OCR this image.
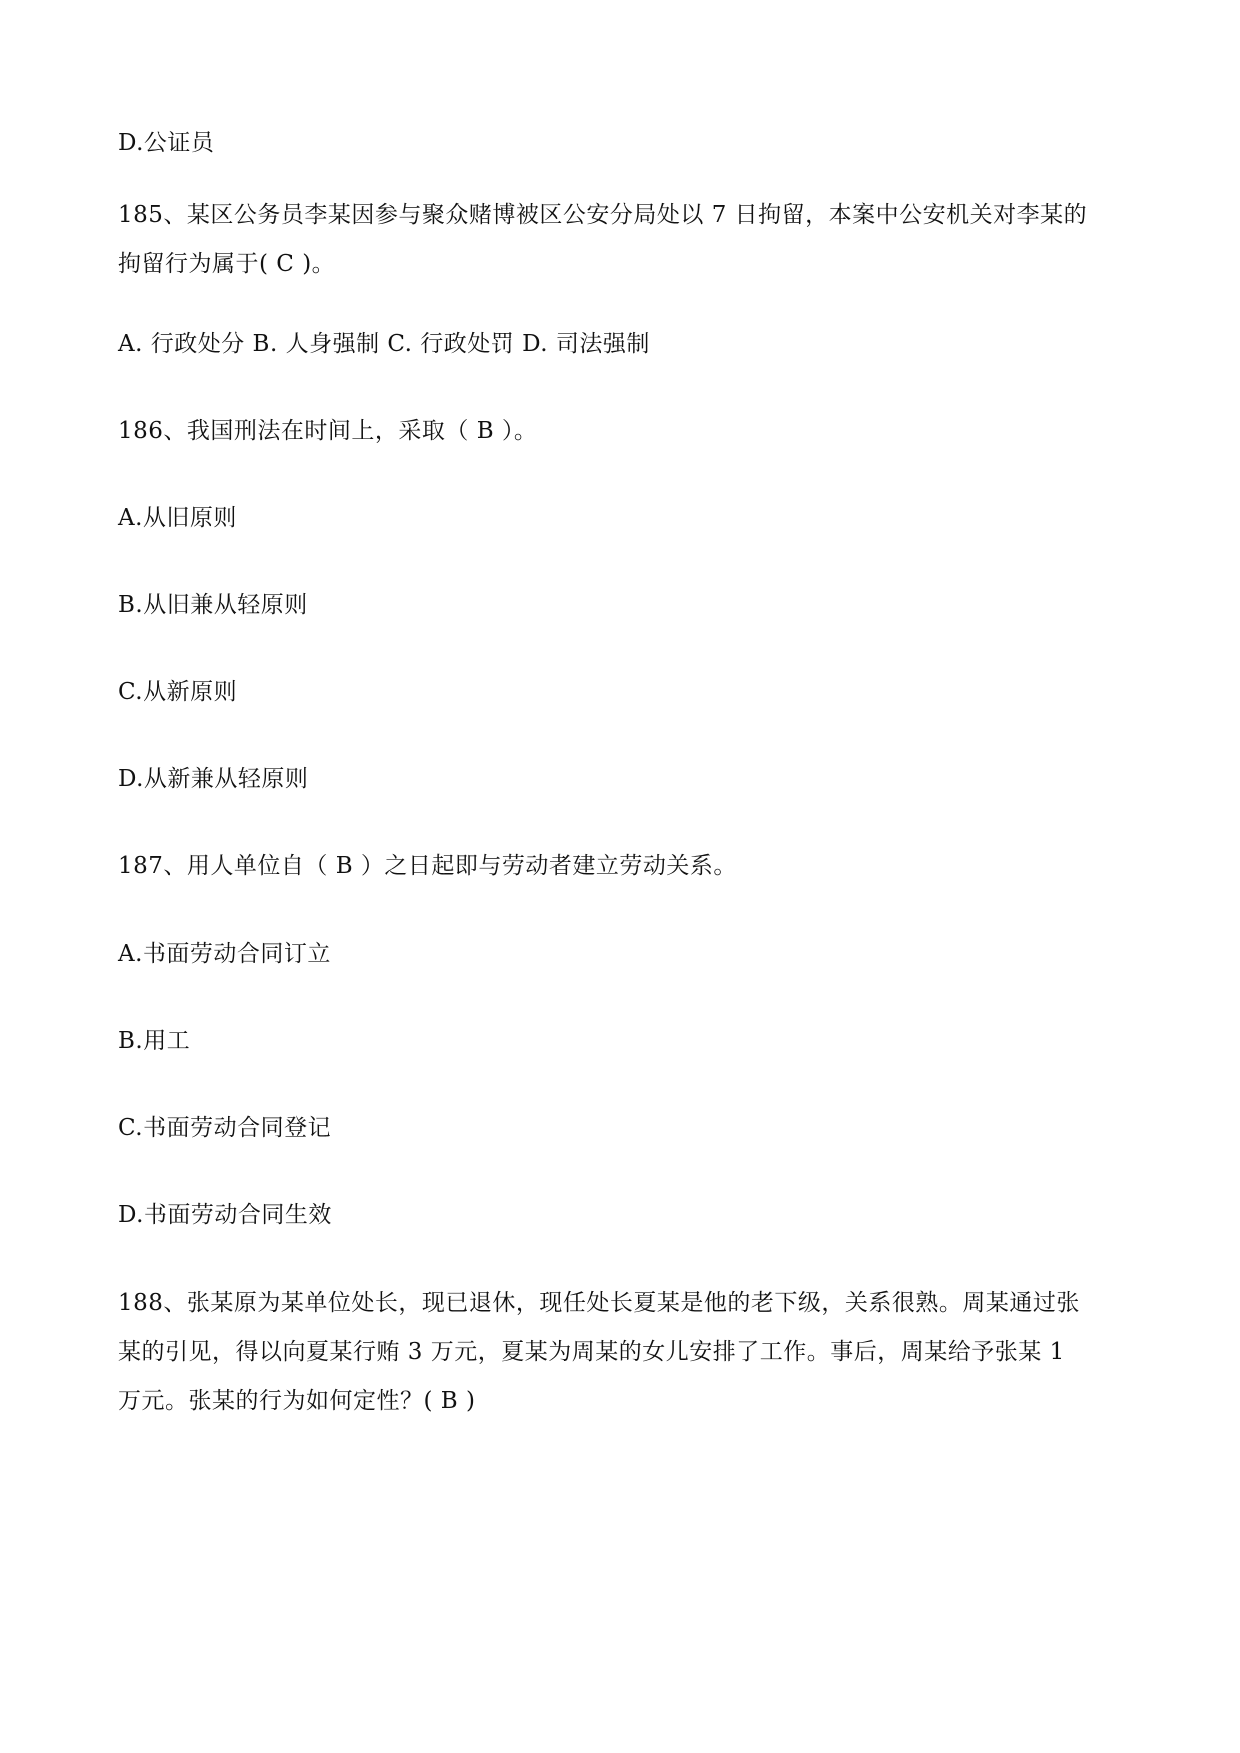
D.公证员
185、某区公务员李某因参与聚众赌博被区公安分局处以 7 日拘留，本案中公安机关对李某的
拘留行为属于( C )。
A. 行政处分 B. 人身强制 C. 行政处罚 D. 司法强制
186、我国刑法在时间上，采取（ B ）。
A.从旧原则
B.从旧兼从轻原则
C.从新原则
D.从新兼从轻原则
187、用人单位自（ B ）之日起即与劳动者建立劳动关系。
A.书面劳动合同订立
B.用工
C.书面劳动合同登记
D.书面劳动合同生效
188、张某原为某单位处长，现已退休，现任处长夏某是他的老下级，关系很熟。周某通过张
某的引见，得以向夏某行贿 3 万元，夏某为周某的女儿安排了工作。事后，周某给予张某 1
万元。张某的行为如何定性？( B )
